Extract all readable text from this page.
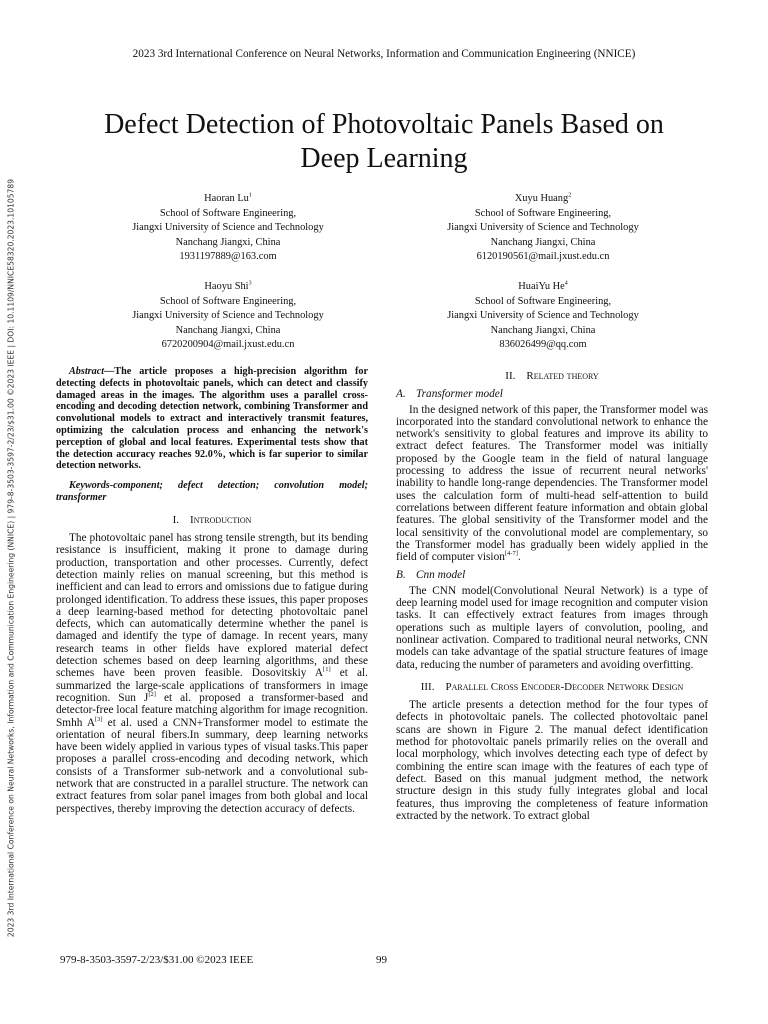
2023 3rd International Conference on Neural Networks, Information and Communication Engineering (NNICE) | 979-8-3503-3597-2/23/$31.00 ©2023 IEEE | DOI: 10.1109/NNICE58320.2023.10105789
2023 3rd International Conference on Neural Networks, Information and Communication Engineering (NNICE)
Defect Detection of Photovoltaic Panels Based on
Deep Learning
Haoran Lu$^1$
School of Software Engineering,
Jiangxi University of Science and Technology
Nanchang Jiangxi, China
1931197889@163.com
Xuyu Huang$^2$
School of Software Engineering,
Jiangxi University of Science and Technology
Nanchang Jiangxi, China
6120190561@mail.jxust.edu.cn
Haoyu Shi$^3$
School of Software Engineering,
Jiangxi University of Science and Technology
Nanchang Jiangxi, China
6720200904@mail.jxust.edu.cn
HuaiYu He$^4$
School of Software Engineering,
Jiangxi University of Science and Technology
Nanchang Jiangxi, China
836026499@qq.com

Abstract—The article proposes a high-precision algorithm for detecting defects in photovoltaic panels, which can detect and classify damaged areas in the images. The algorithm uses a parallel cross-encoding and decoding detection network, combining Transformer and convolutional models to extract and interactively transmit features, optimizing the calculation process and enhancing the network's perception of global and local features. Experimental tests show that the detection accuracy reaches 92.0%, which is far superior to similar detection networks.

Keywords-component; defect detection; convolution model; transformer

I. Introduction

The photovoltaic panel has strong tensile strength, but its bending resistance is insufficient, making it prone to damage during production, transportation and other processes. Currently, defect detection mainly relies on manual screening, but this method is inefficient and can lead to errors and omissions due to fatigue during prolonged identification. To address these issues, this paper proposes a deep learning-based method for detecting photovoltaic panel defects, which can automatically determine whether the panel is damaged and identify the type of damage. In recent years, many research teams in other fields have explored material defect detection schemes based on deep learning algorithms, and these schemes have been proven feasible. Dosovitskiy A[1] et al. summarized the large-scale applications of transformers in image recognition. Sun J[2] et al. proposed a transformer-based and detector-free local feature matching algorithm for image recognition. Smhh A[3] et al. used a CNN+Transformer model to estimate the orientation of neural fibers.In summary, deep learning networks have been widely applied in various types of visual tasks.This paper proposes a parallel cross-encoding and decoding network, which consists of a Transformer sub-network and a convolutional sub-network that are constructed in a parallel structure. The network can extract features from solar panel images from both global and local perspectives, thereby improving the detection accuracy of defects.

II. Related theory
A. Transformer model

In the designed network of this paper, the Transformer model was incorporated into the standard convolutional network to enhance the network's sensitivity to global features and improve its ability to extract defect features. The Transformer model was initially proposed by the Google team in the field of natural language processing to address the issue of recurrent neural networks' inability to handle long-range dependencies. The Transformer model uses the calculation form of multi-head self-attention to build correlations between different feature information and obtain global features. The global sensitivity of the Transformer model and the local sensitivity of the convolutional model are complementary, so the Transformer model has gradually been widely applied in the field of computer vision[4-7].

B. Cnn model

The CNN model(Convolutional Neural Network) is a type of deep learning model used for image recognition and computer vision tasks. It can effectively extract features from images through operations such as multiple layers of convolution, pooling, and nonlinear activation. Compared to traditional neural networks, CNN models can take advantage of the spatial structure features of image data, reducing the number of parameters and avoiding overfitting.

III. Parallel Cross Encoder-Decoder Network Design

The article presents a detection method for the four types of defects in photovoltaic panels. The collected photovoltaic panel scans are shown in Figure 2. The manual defect identification method for photovoltaic panels primarily relies on the overall and local morphology, which involves detecting each type of defect by combining the entire scan image with the features of each type of defect. Based on this manual judgment method, the network structure design in this study fully integrates global and local features, thus improving the completeness of feature information extracted by the network. To extract global

979-8-3503-3597-2/23/$31.00 ©2023 IEEE	99
